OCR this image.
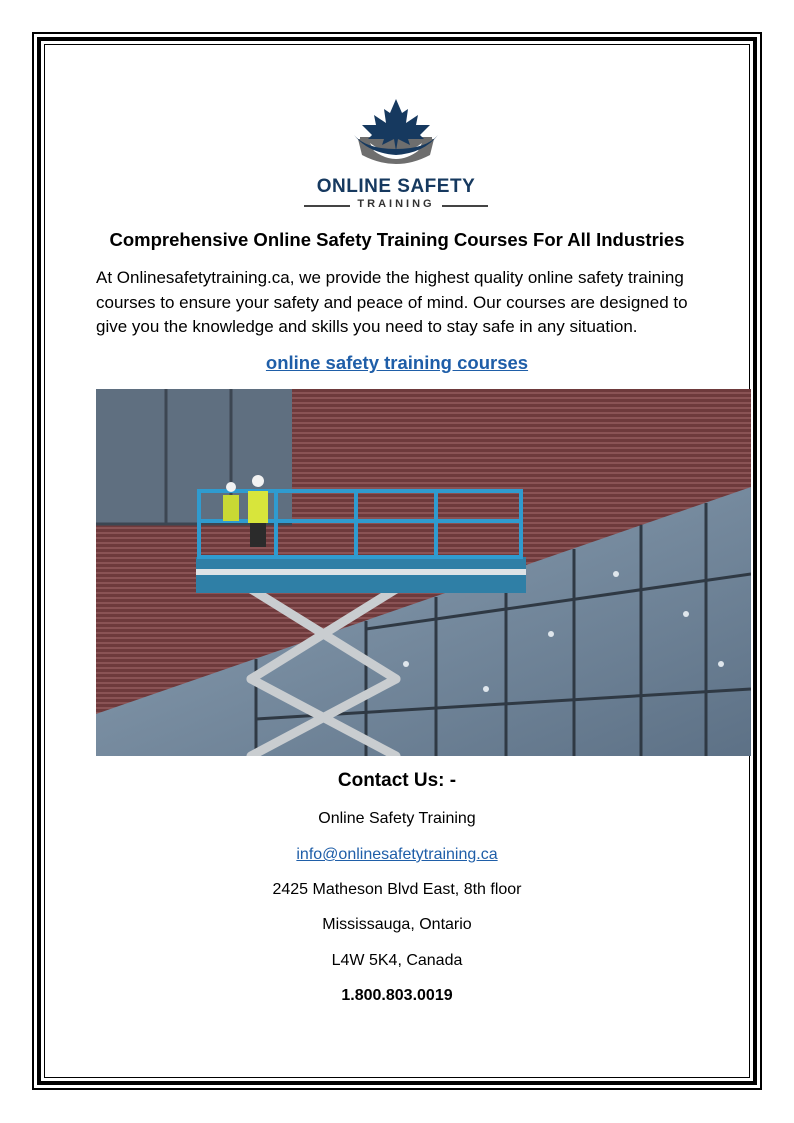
ONLINE SAFETY
TRAINING
Comprehensive Online Safety Training Courses For All Industries
At Onlinesafetytraining.ca, we provide the highest quality online safety training courses to ensure your safety and peace of mind. Our courses are designed to give you the knowledge and skills you need to stay safe in any situation.
online safety training courses
Contact Us: -
Online Safety Training
info@onlinesafetytraining.ca
2425 Matheson Blvd East, 8th floor
Mississauga, Ontario
L4W 5K4, Canada
1.800.803.0019
